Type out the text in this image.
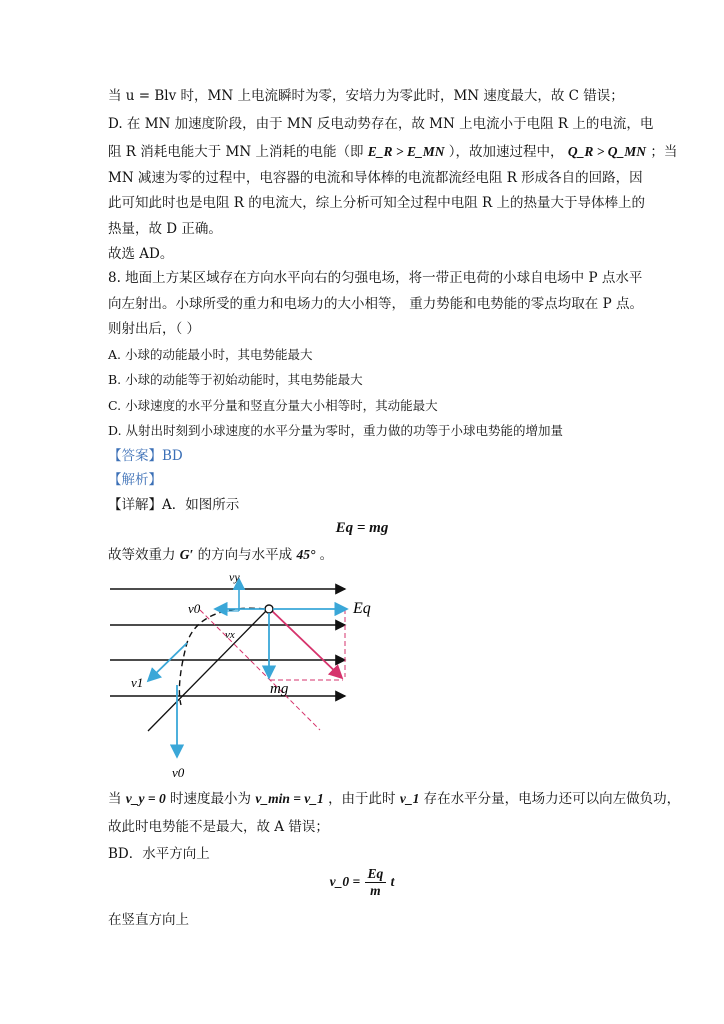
当 u = Blv 时，MN 上电流瞬时为零，安培力为零此时，MN 速度最大，故 C 错误；
D. 在 MN 加速度阶段，由于 MN 反电动势存在，故 MN 上电流小于电阻 R 上的电流，电
阻 R 消耗电能大于 MN 上消耗的电能（即 E_R > E_MN ），故加速过程中， Q_R > Q_MN ；当
MN 减速为零的过程中，电容器的电流和导体棒的电流都流经电阻 R 形成各自的回路，因
此可知此时也是电阻 R 的电流大，综上分析可知全过程中电阻 R 上的热量大于导体棒上的
热量，故 D 正确。
故选 AD。
8. 地面上方某区域存在方向水平向右的匀强电场，将一带正电荷的小球自电场中 P 点水平
向左射出。小球所受的重力和电场力的大小相等， 重力势能和电势能的零点均取在 P 点。
则射出后，（ ）
A. 小球的动能最小时，其电势能最大
B. 小球的动能等于初始动能时，其电势能最大
C. 小球速度的水平分量和竖直分量大小相等时，其动能最大
D. 从射出时刻到小球速度的水平分量为零时，重力做的功等于小球电势能的增加量
【答案】BD
【解析】
【详解】A．如图所示
Eq = mg
故等效重力 G′ 的方向与水平成 45° 。
vy
v0	Eq
vx
v1	mg
v0
当 v_y = 0 时速度最小为 v_min = v_1 ，由于此时 v_1 存在水平分量，电场力还可以向左做负功，
故此时电势能不是最大，故 A 错误；
BD．水平方向上
v_0 = $\frac{Eq}{m}$ t
在竖直方向上
